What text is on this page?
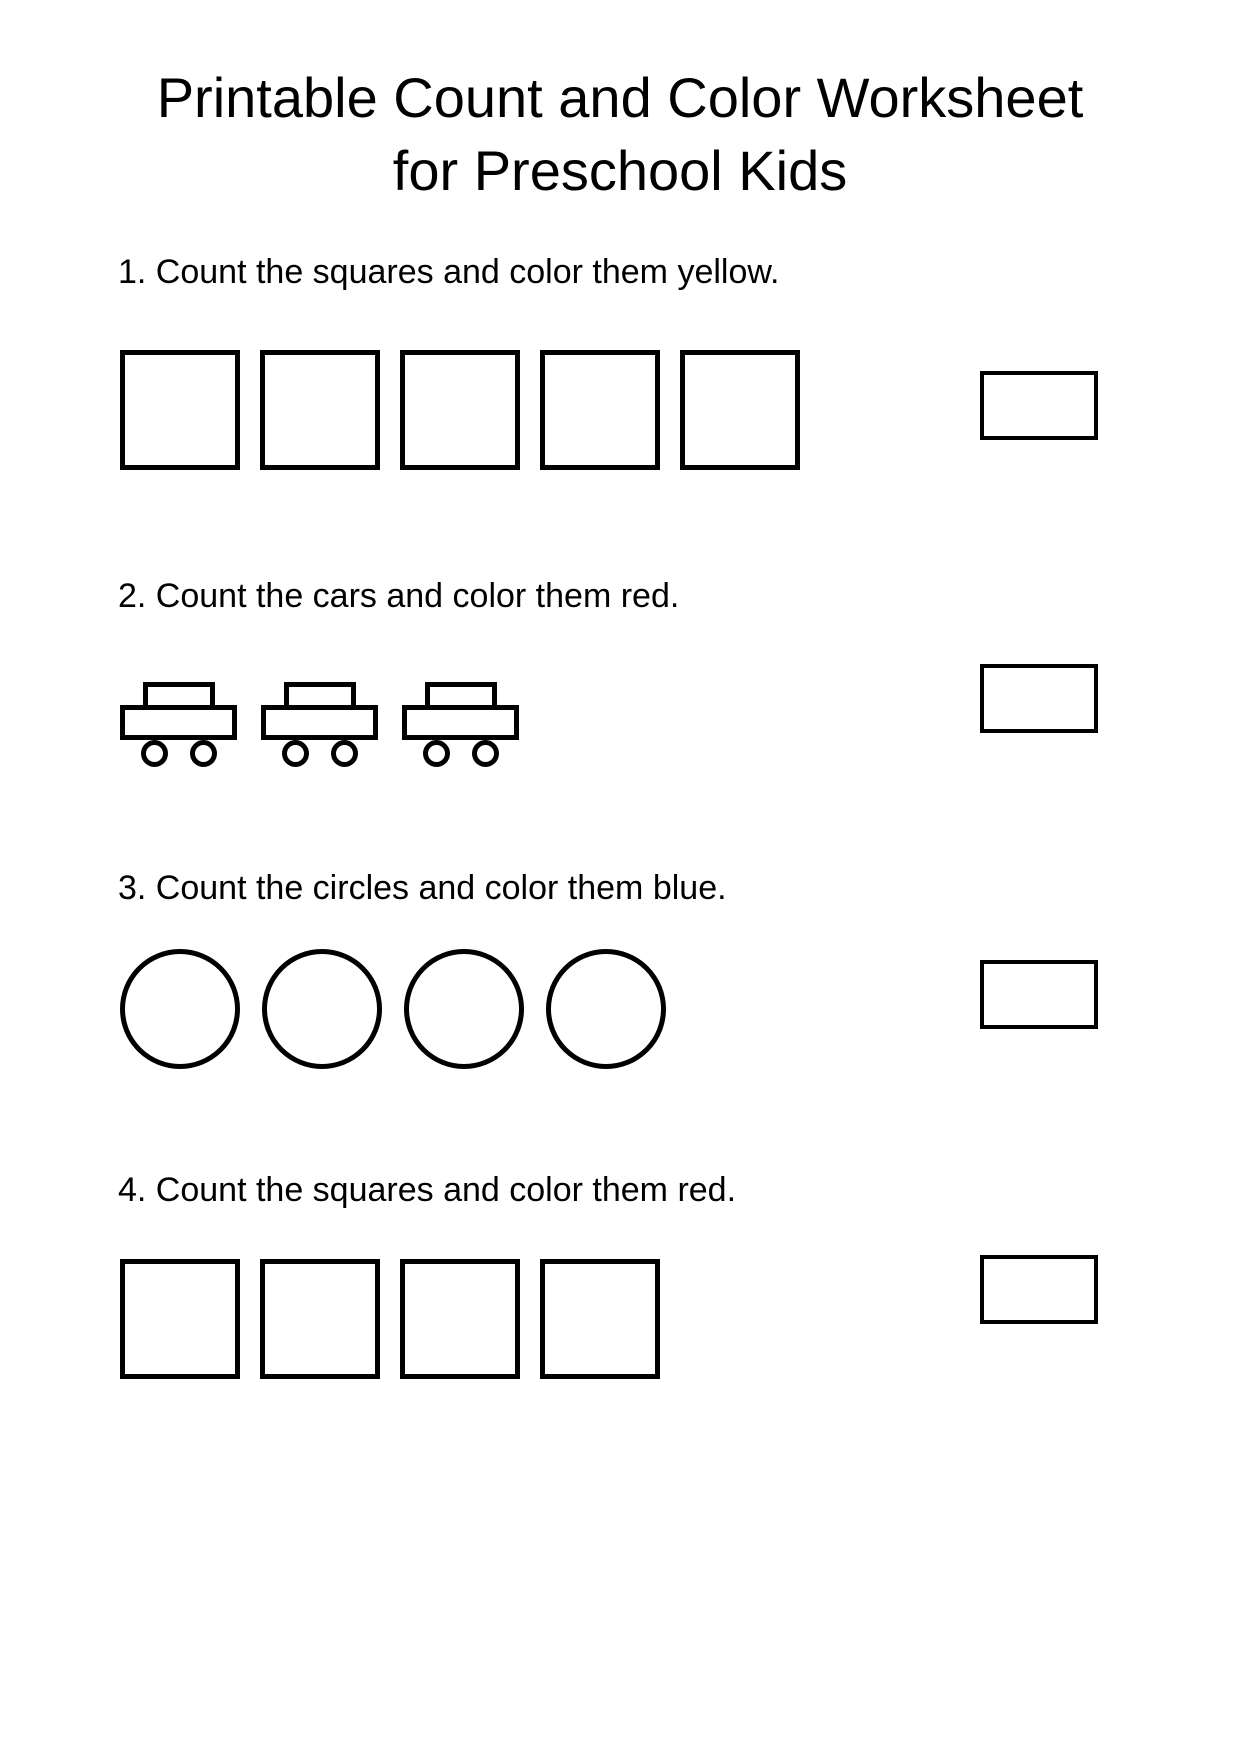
Printable Count and Color Worksheet
for Preschool Kids

1. Count the squares and color them yellow.

2. Count the cars and color them red.

3. Count the circles and color them blue.

4. Count the squares and color them red.
